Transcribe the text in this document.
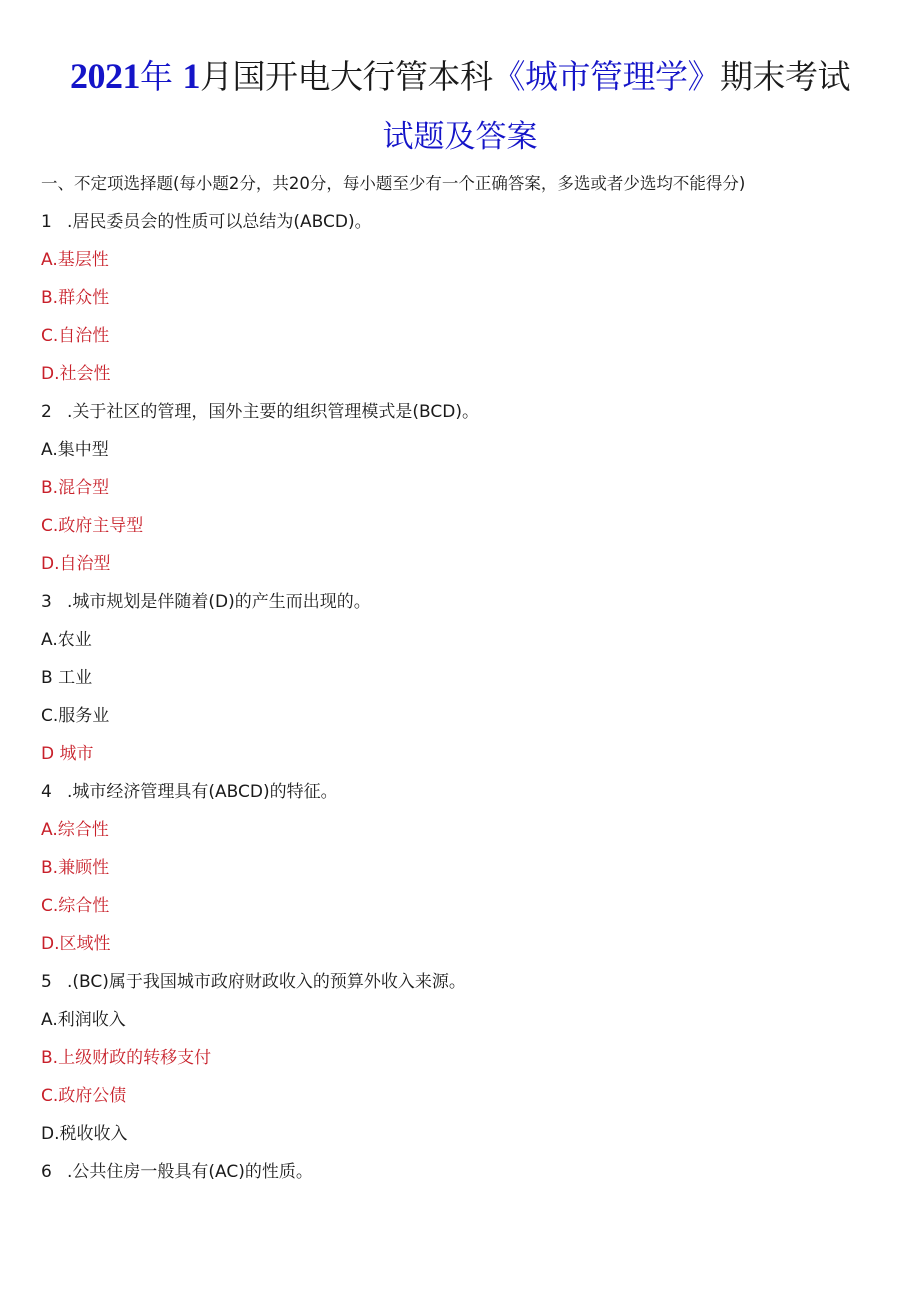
2021年 1月国开电大行管本科《城市管理学》期末考试
试题及答案
一、不定项选择题(每小题2分，共20分，每小题至少有一个正确答案，多选或者少选均不能得分)
1 .居民委员会的性质可以总结为(ABCD)。
A.基层性
B.群众性
C.自治性
D.社会性
2 .关于社区的管理，国外主要的组织管理模式是(BCD)。
A.集中型
B.混合型
C.政府主导型
D.自治型
3 .城市规划是伴随着(D)的产生而出现的。
A.农业
B 工业
C.服务业
D 城市
4 .城市经济管理具有(ABCD)的特征。
A.综合性
B.兼顾性
C.综合性
D.区域性
5 .(BC)属于我国城市政府财政收入的预算外收入来源。
A.利润收入
B.上级财政的转移支付
C.政府公债
D.税收收入
6 .公共住房一般具有(AC)的性质。
